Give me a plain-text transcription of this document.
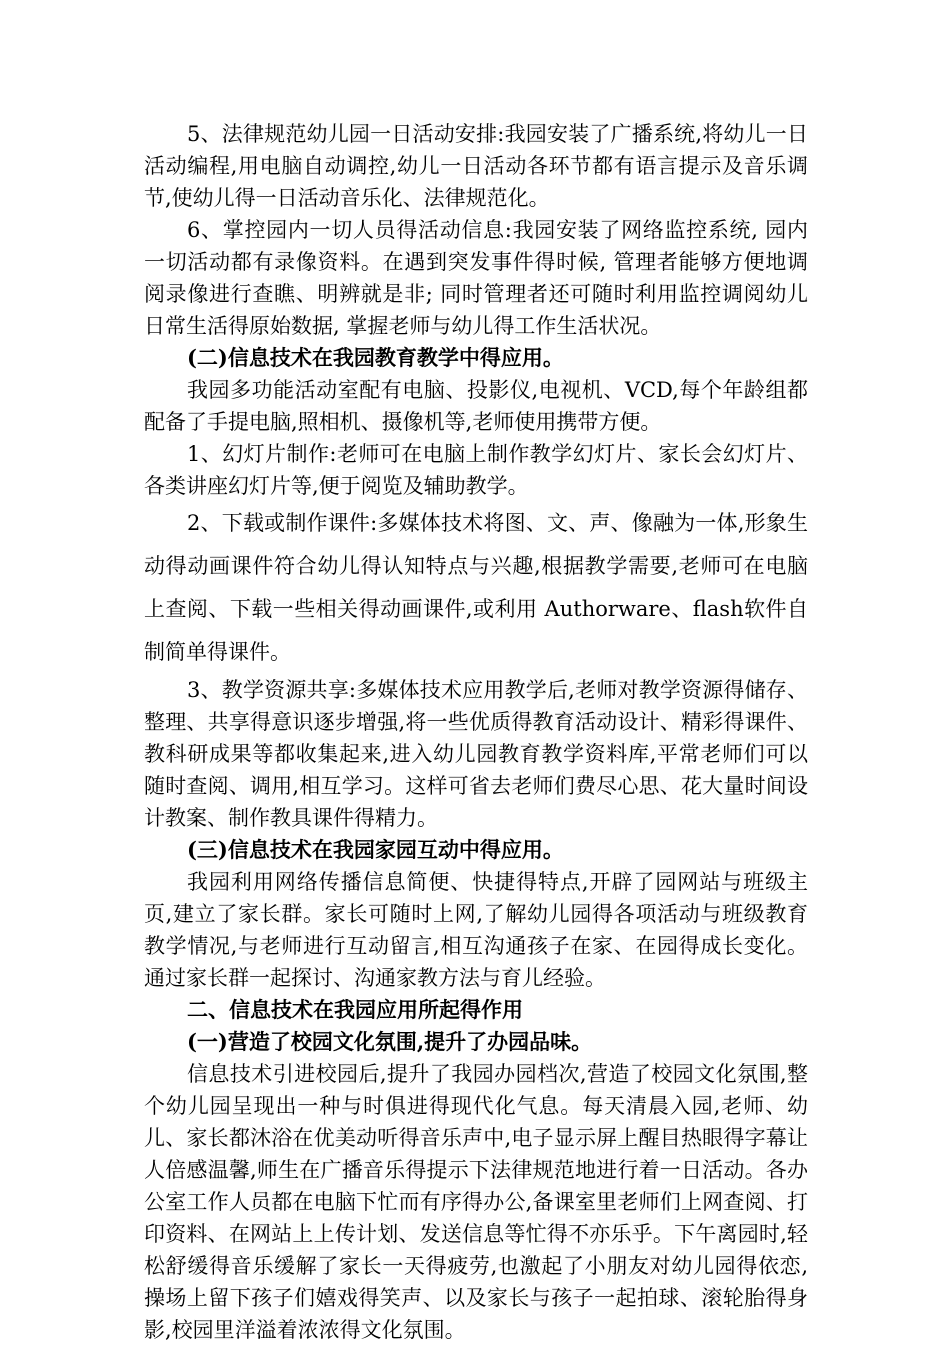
5、法律规范幼儿园一日活动安排:我园安装了广播系统,将幼儿一日活动编程,用电脑自动调控,幼儿一日活动各环节都有语言提示及音乐调节,使幼儿得一日活动音乐化、法律规范化。

6、掌控园内一切人员得活动信息:我园安装了网络监控系统, 园内一切活动都有录像资料。在遇到突发事件得时候, 管理者能够方便地调阅录像进行查瞧、明辨就是非; 同时管理者还可随时利用监控调阅幼儿日常生活得原始数据, 掌握老师与幼儿得工作生活状况。

(二)信息技术在我园教育教学中得应用。

我园多功能活动室配有电脑、投影仪,电视机、VCD,每个年龄组都配备了手提电脑,照相机、摄像机等,老师使用携带方便。

1、幻灯片制作:老师可在电脑上制作教学幻灯片、家长会幻灯片、各类讲座幻灯片等,便于阅览及辅助教学。

2、下载或制作课件:多媒体技术将图、文、声、像融为一体,形象生动得动画课件符合幼儿得认知特点与兴趣,根据教学需要,老师可在电脑上查阅、下载一些相关得动画课件,或利用 Authorware、flash软件自制简单得课件。

3、教学资源共享:多媒体技术应用教学后,老师对教学资源得储存、整理、共享得意识逐步增强,将一些优质得教育活动设计、精彩得课件、教科研成果等都收集起来,进入幼儿园教育教学资料库,平常老师们可以随时查阅、调用,相互学习。这样可省去老师们费尽心思、花大量时间设计教案、制作教具课件得精力。

(三)信息技术在我园家园互动中得应用。

我园利用网络传播信息简便、快捷得特点,开辟了园网站与班级主页,建立了家长群。家长可随时上网,了解幼儿园得各项活动与班级教育教学情况,与老师进行互动留言,相互沟通孩子在家、在园得成长变化。通过家长群一起探讨、沟通家教方法与育儿经验。

二、信息技术在我园应用所起得作用

(一)营造了校园文化氛围,提升了办园品味。

信息技术引进校园后,提升了我园办园档次,营造了校园文化氛围,整个幼儿园呈现出一种与时俱进得现代化气息。每天清晨入园,老师、幼儿、家长都沐浴在优美动听得音乐声中,电子显示屏上醒目热眼得字幕让人倍感温馨,师生在广播音乐得提示下法律规范地进行着一日活动。各办公室工作人员都在电脑下忙而有序得办公,备课室里老师们上网查阅、打印资料、在网站上上传计划、发送信息等忙得不亦乐乎。下午离园时,轻松舒缓得音乐缓解了家长一天得疲劳,也激起了小朋友对幼儿园得依恋,操场上留下孩子们嬉戏得笑声、以及家长与孩子一起拍球、滚轮胎得身影,校园里洋溢着浓浓得文化氛围。
